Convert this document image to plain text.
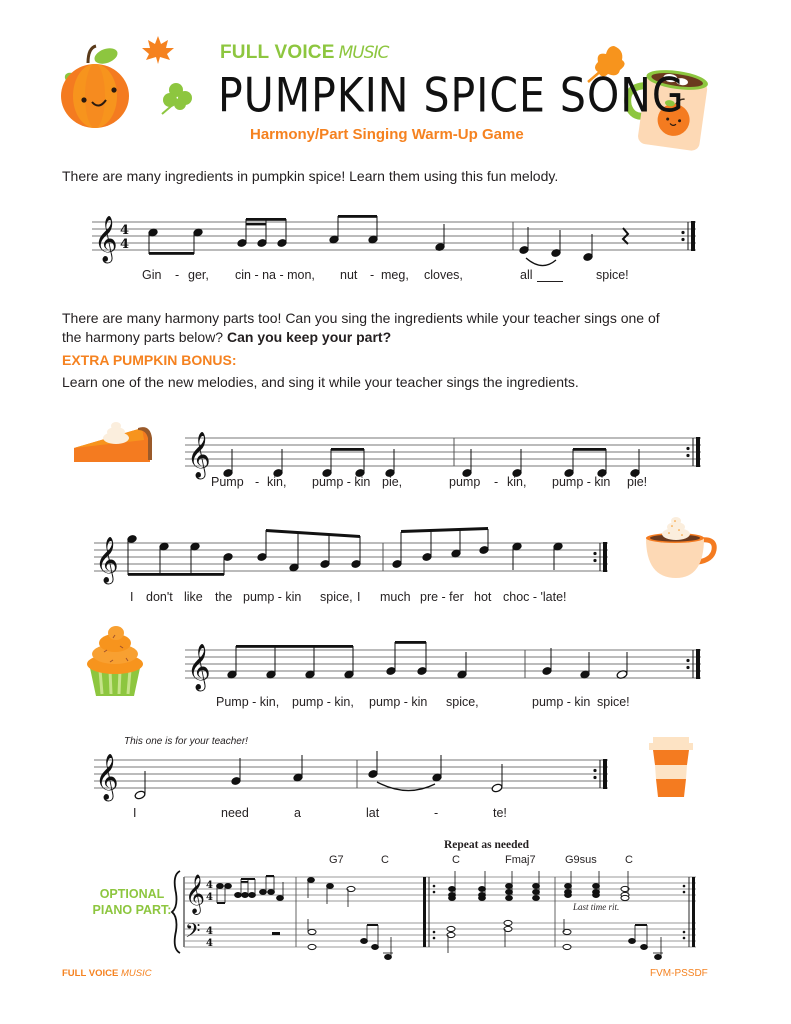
FULL VOICE MUSIC
PUMPKIN SPICE SONG
Harmony/Part Singing Warm-Up Game
There are many ingredients in pumpkin spice! Learn them using this fun melody.
𝄞 4
4
Gin - ger, cin - na - mon, nut - meg, cloves,	all	spice!
There are many harmony parts too! Can you sing the ingredients while your teacher sings one of
the harmony parts below? Can you keep your part?
EXTRA PUMPKIN BONUS:
Learn one of the new melodies, and sing it while your teacher sings the ingredients.
𝄞
Pump - kin, pump - kin pie,	pump - kin, pump - kin pie!
𝄞
I don't like the pump - kin spice, I much pre - fer hot choc - 'late!
𝄞
Pump - kin, pump - kin, pump - kin spice,	pump - kin spice!
This one is for your teacher!
𝄞
I	need	a	lat	-	te!
Repeat as needed
G7	C	C	Fmaj7	G9sus	C
OPTIONAL
PIANO PART: 𝄞
𝄢
4
4
4
4
Last time rit.
FULL VOICE MUSIC	FVM-PSSDF
